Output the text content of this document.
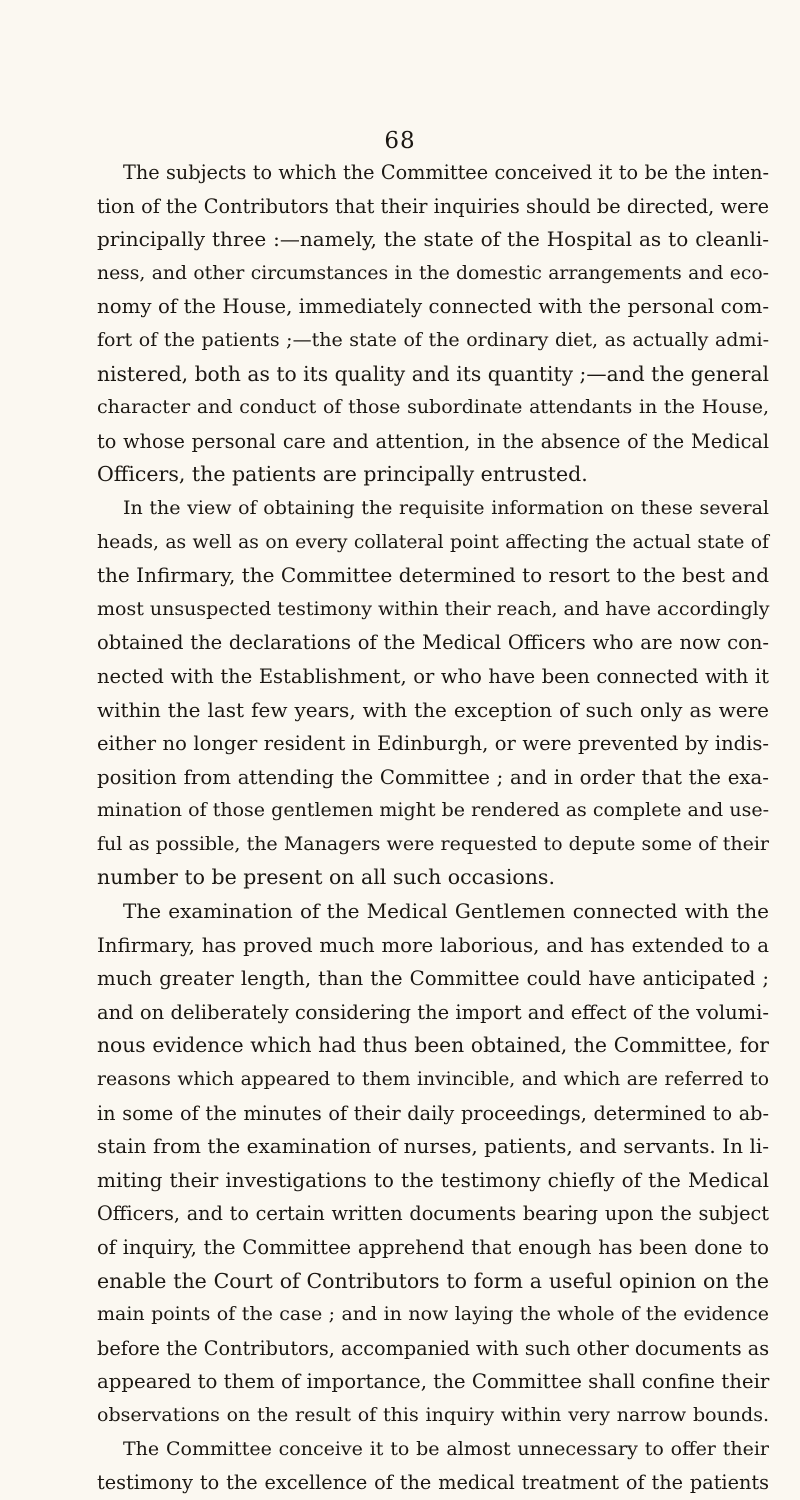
68
The subjects to which the Committee conceived it to be the inten-
tion of the Contributors that their inquiries should be directed, were
principally three :—namely, the state of the Hospital as to cleanli-
ness, and other circumstances in the domestic arrangements and eco-
nomy of the House, immediately connected with the personal com-
fort of the patients ;—the state of the ordinary diet, as actually admi-
nistered, both as to its quality and its quantity ;—and the general
character and conduct of those subordinate attendants in the House,
to whose personal care and attention, in the absence of the Medical
Officers, the patients are principally entrusted.
In the view of obtaining the requisite information on these several
heads, as well as on every collateral point affecting the actual state of
the Infirmary, the Committee determined to resort to the best and
most unsuspected testimony within their reach, and have accordingly
obtained the declarations of the Medical Officers who are now con-
nected with the Establishment, or who have been connected with it
within the last few years, with the exception of such only as were
either no longer resident in Edinburgh, or were prevented by indis-
position from attending the Committee ; and in order that the exa-
mination of those gentlemen might be rendered as complete and use-
ful as possible, the Managers were requested to depute some of their
number to be present on all such occasions.
The examination of the Medical Gentlemen connected with the
Infirmary, has proved much more laborious, and has extended to a
much greater length, than the Committee could have anticipated ;
and on deliberately considering the import and effect of the volumi-
nous evidence which had thus been obtained, the Committee, for
reasons which appeared to them invincible, and which are referred to
in some of the minutes of their daily proceedings, determined to ab-
stain from the examination of nurses, patients, and servants. In li-
miting their investigations to the testimony chiefly of the Medical
Officers, and to certain written documents bearing upon the subject
of inquiry, the Committee apprehend that enough has been done to
enable the Court of Contributors to form a useful opinion on the
main points of the case ; and in now laying the whole of the evidence
before the Contributors, accompanied with such other documents as
appeared to them of importance, the Committee shall confine their
observations on the result of this inquiry within very narrow bounds.
The Committee conceive it to be almost unnecessary to offer their
testimony to the excellence of the medical treatment of the patients
